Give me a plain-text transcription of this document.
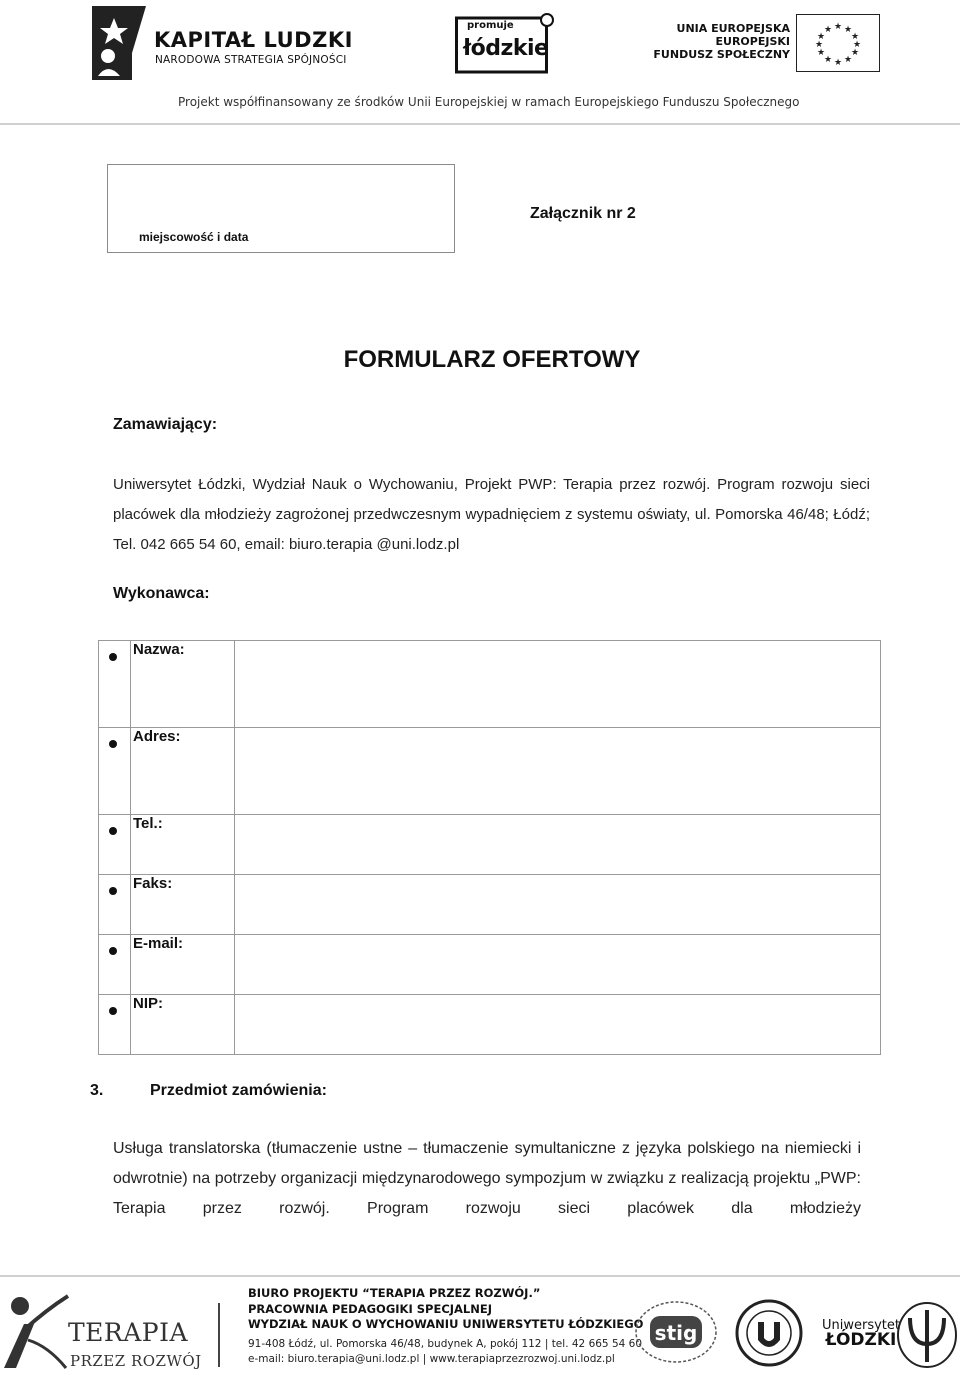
KAPITAŁ LUDZKI
NARODOWA STRATEGIA SPÓJNOŚCI
promuje
łódzkie
UNIA EUROPEJSKA
EUROPEJSKI
FUNDUSZ SPOŁECZNY
★ ★
★
★
★
★
★
★
★
★
★
★
Projekt współfinansowany ze środków Unii Europejskiej w ramach Europejskiego Funduszu Społecznego
miejscowość i data
Załącznik nr 2
FORMULARZ OFERTOWY
Zamawiający:
Uniwersytet Łódzki, Wydział Nauk o Wychowaniu, Projekt PWP: Terapia przez rozwój. Program rozwoju sieci placówek dla młodzieży zagrożonej przedwczesnym wypadnięciem z systemu oświaty, ul. Pomorska 46/48; Łódź; Tel. 042 665 54 60, email: biuro.terapia @uni.lodz.pl
Wykonawca:

	Nazwa:	

	Adres:	

	Tel.:	

	Faks:	

	E-mail:	

	NIP:	

3.	Przedmiot zamówienia:
Usługa translatorska (tłumaczenie ustne – tłumaczenie symultaniczne z języka polskiego na niemiecki i odwrotnie) na potrzeby organizacji międzynarodowego sympozjum w związku z realizacją projektu „PWP: Terapia przez rozwój. Program rozwoju sieci placówek dla młodzieży
TERAPIA
PRZEZ ROZWÓJ
BIURO PROJEKTU “TERAPIA PRZEZ ROZWÓJ.”
PRACOWNIA PEDAGOGIKI SPECJALNEJ
WYDZIAŁ NAUK O WYCHOWANIU UNIWERSYTETU ŁÓDZKIEGO
91-408 Łódź, ul. Pomorska 46/48, budynek A, pokój 112 | tel. 42 665 54 60
e-mail: biuro.terapia@uni.lodz.pl | www.terapiaprzezrozwoj.uni.lodz.pl
stig	Uniwersytet
ŁÓDZKI
